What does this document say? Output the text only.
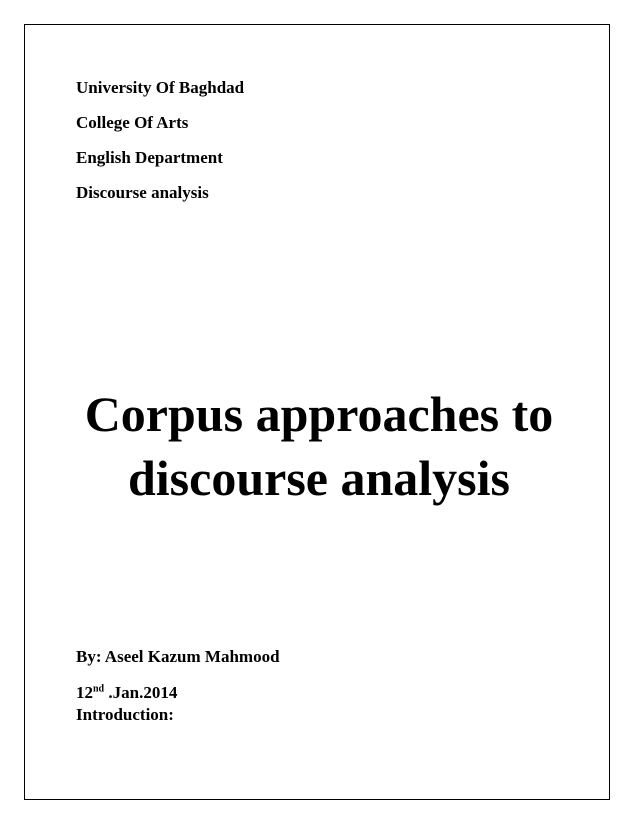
University Of Baghdad
College Of Arts
English Department
Discourse analysis
Corpus approaches to
discourse analysis
By: Aseel Kazum Mahmood
12nd .Jan.2014
Introduction:
